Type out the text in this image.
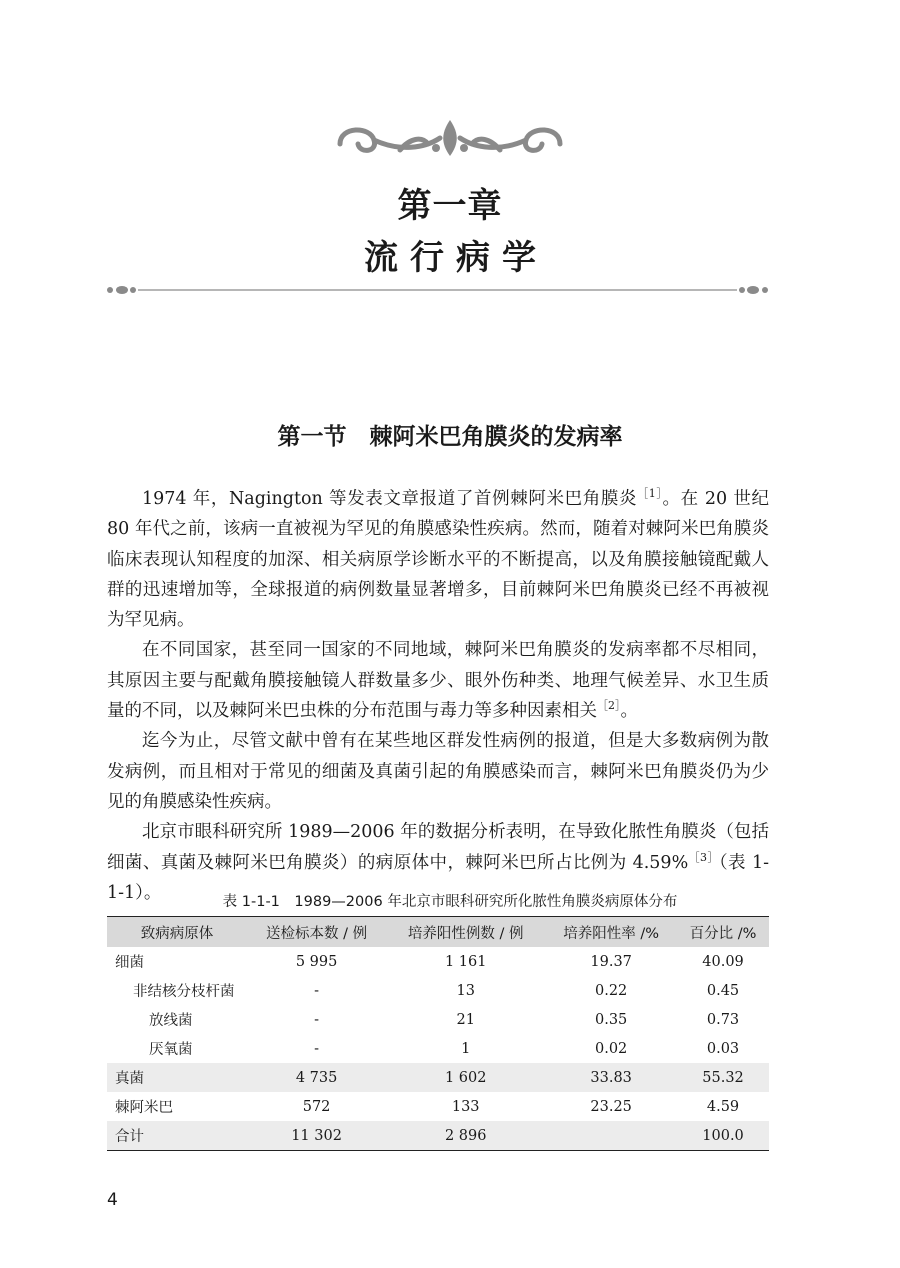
第一章
流行病学
第一节　棘阿米巴角膜炎的发病率

1974 年，Nagington 等发表文章报道了首例棘阿米巴角膜炎$^{[1]}$。在 20 世纪 80 年代之前，该病一直被视为罕见的角膜感染性疾病。然而，随着对棘阿米巴角膜炎临床表现认知程度的加深、相关病原学诊断水平的不断提高，以及角膜接触镜配戴人群的迅速增加等，全球报道的病例数量显著增多，目前棘阿米巴角膜炎已经不再被视为罕见病。

在不同国家，甚至同一国家的不同地域，棘阿米巴角膜炎的发病率都不尽相同，其原因主要与配戴角膜接触镜人群数量多少、眼外伤种类、地理气候差异、水卫生质量的不同，以及棘阿米巴虫株的分布范围与毒力等多种因素相关$^{[2]}$。

迄今为止，尽管文献中曾有在某些地区群发性病例的报道，但是大多数病例为散发病例，而且相对于常见的细菌及真菌引起的角膜感染而言，棘阿米巴角膜炎仍为少见的角膜感染性疾病。

北京市眼科研究所 1989—2006 年的数据分析表明，在导致化脓性角膜炎（包括细菌、真菌及棘阿米巴角膜炎）的病原体中，棘阿米巴所占比例为 4.59%$^{[3]}$（表 1-1-1）。	表 1-1-1　1989—2006 年北京市眼科研究所化脓性角膜炎病原体分布
致病病原体	送检标本数 / 例	培养阳性例数 / 例	培养阳性率 /%	百分比 /%
细菌	5 995	1 161	19.37	40.09
非结核分枝杆菌	-	13	0.22	0.45
放线菌	-	21	0.35	0.73
厌氧菌	-	1	0.02	0.03
真菌	4 735	1 602	33.83	55.32
棘阿米巴	572	133	23.25	4.59
合计	11 302	2 896		100.0
4
